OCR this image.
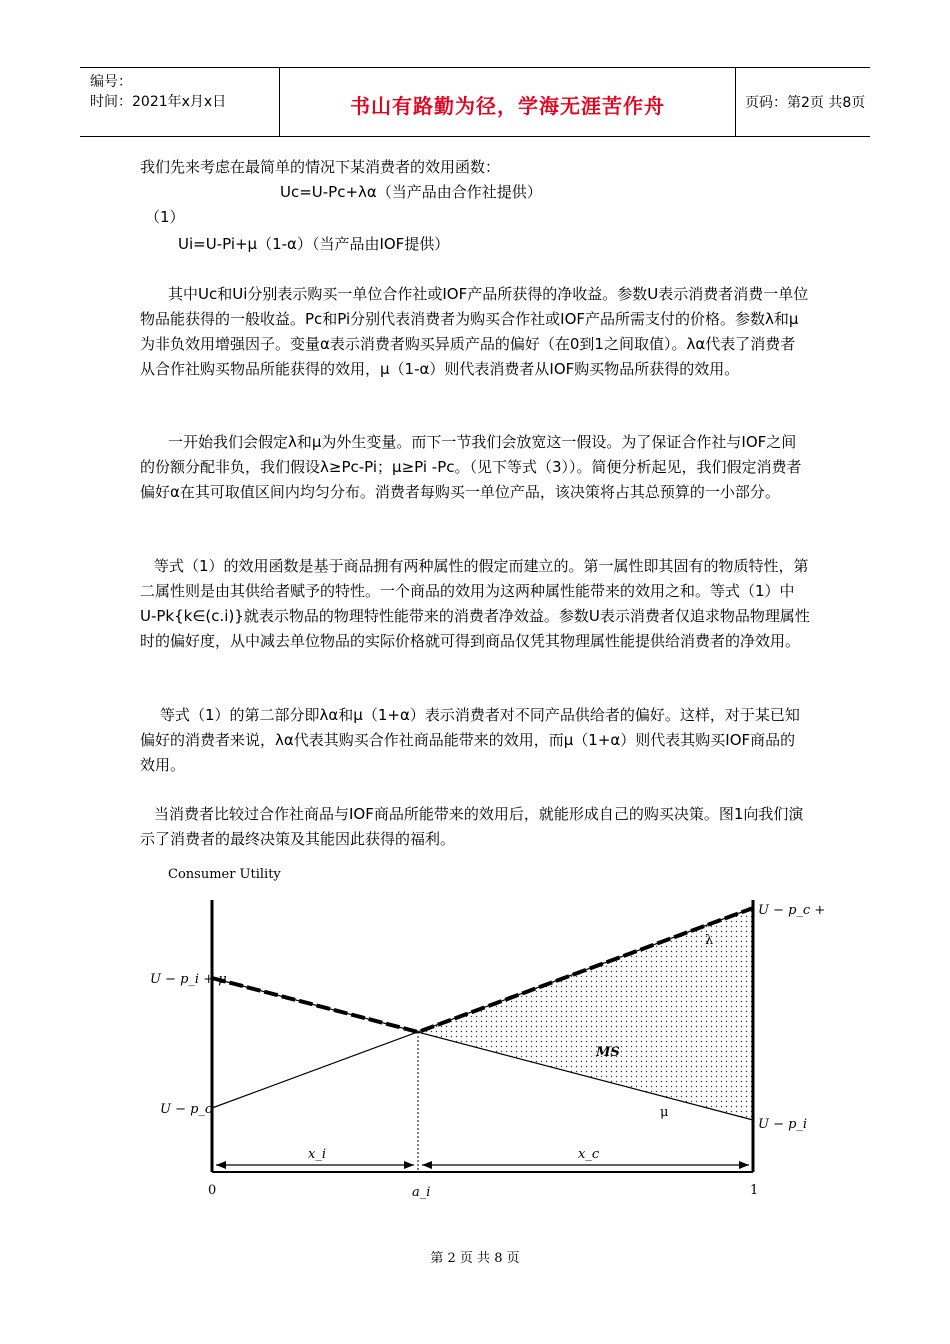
编号：
时间：2021年x月x日	书山有路勤为径，学海无涯苦作舟	页码：第2页 共8页
我们先来考虑在最简单的情况下某消费者的效用函数：
Uc=U-Pc+λα（当产品由合作社提供）
（1）
Ui=U-Pi+μ（1-α）（当产品由IOF提供）
其中Uc和Ui分别表示购买一单位合作社或IOF产品所获得的净收益。参数U表示消费者消费一单位物品能获得的一般收益。Pc和Pi分别代表消费者为购买合作社或IOF产品所需支付的价格。参数λ和μ为非负效用增强因子。变量α表示消费者购买异质产品的偏好（在0到1之间取值）。λα代表了消费者从合作社购买物品所能获得的效用，μ（1-α）则代表消费者从IOF购买物品所获得的效用。
一开始我们会假定λ和μ为外生变量。而下一节我们会放宽这一假设。为了保证合作社与IOF之间的份额分配非负，我们假设λ≥Pc-Pi；μ≥Pi -Pc。（见下等式（3））。简便分析起见，我们假定消费者偏好α在其可取值区间内均匀分布。消费者每购买一单位产品，该决策将占其总预算的一小部分。
等式（1）的效用函数是基于商品拥有两种属性的假定而建立的。第一属性即其固有的物质特性，第二属性则是由其供给者赋予的特性。一个商品的效用为这两种属性能带来的效用之和。等式（1）中U-Pk{k∈(c.i)}就表示物品的物理特性能带来的消费者净效益。参数U表示消费者仅追求物品物理属性时的偏好度，从中减去单位物品的实际价格就可得到商品仅凭其物理属性能提供给消费者的净效用。
等式（1）的第二部分即λα和μ（1+α）表示消费者对不同产品供给者的偏好。这样，对于某已知偏好的消费者来说，λα代表其购买合作社商品能带来的效用，而μ（1+α）则代表其购买IOF商品的效用。
当消费者比较过合作社商品与IOF商品所能带来的效用后，就能形成自己的购买决策。图1向我们演示了消费者的最终决策及其能因此获得的福利。
Consumer Utility
U − p_i + μ
U − p_c
U − p_c +
U − p_i
λ
MS
μ
x_i	x_c
0	a_i	1
第 2 页 共 8 页
